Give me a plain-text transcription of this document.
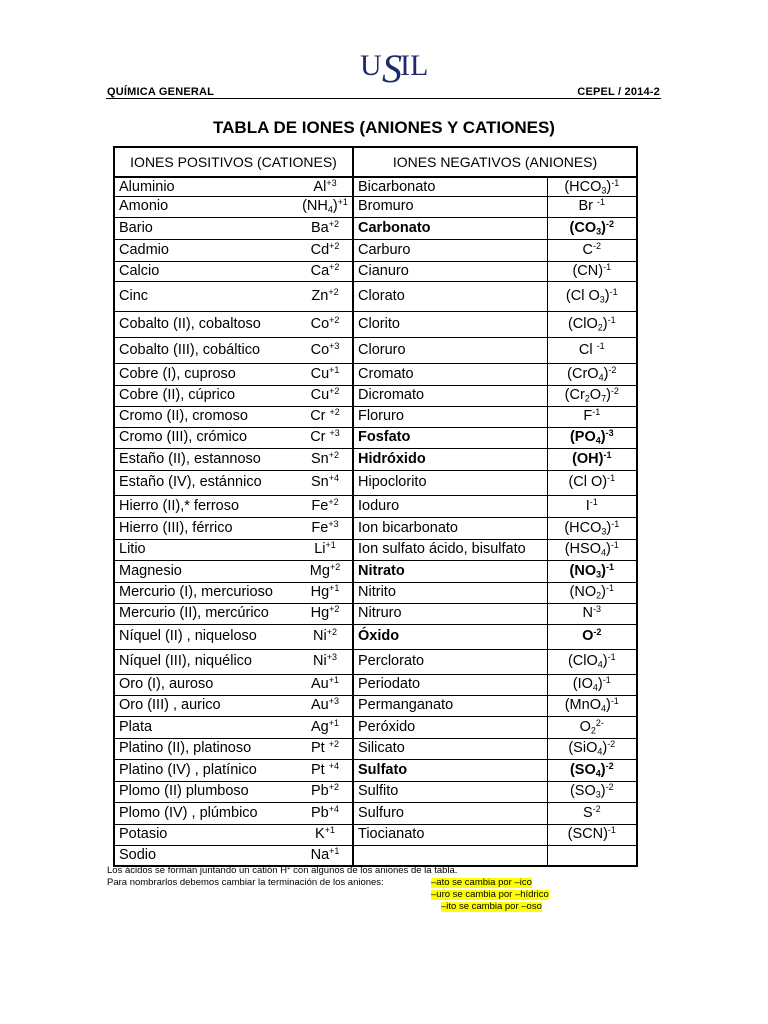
U S
I L
QUÍMICA GENERAL	CEPEL / 2014-2
TABLA DE IONES (ANIONES Y CATIONES)
IONES POSITIVOS (CATIONES)		IONES NEGATIVOS (ANIONES)	
Aluminio	$Al^{+3}$	Bicarbonato	$(HCO_3)^{-1}$
Amonio	$(NH_4)^{+1}$	Bromuro	Br $^{-1}$
Bario	$Ba^{+2}$	Carbonato	$(CO_3)^{-2}$
Cadmio	$Cd^{+2}$	Carburo	$C^{-2}$
Calcio	$Ca^{+2}$	Cianuro	(CN)$^{-1}$
Cinc	$Zn^{+2}$	Clorato	(Cl $O_3)^{-1}$
Cobalto (II), cobaltoso	$Co^{+2}$	Clorito	$(ClO_2)^{-1}$
Cobalto (III), cobáltico	$Co^{+3}$	Cloruro	Cl $^{-1}$
Cobre (I), cuproso	$Cu^{+1}$	Cromato	$(CrO_4)^{-2}$
Cobre (II), cúprico	$Cu^{+2}$	Dicromato	$(Cr_2O_7)^{-2}$
Cromo (II), cromoso	Cr $^{+2}$	Floruro	$F^{-1}$
Cromo (III), crómico	Cr $^{+3}$	Fosfato	$(PO_4)^{-3}$
Estaño (II), estannoso	$Sn^{+2}$	Hidróxido	(OH)$^{-1}$
Estaño (IV), estánnico	$Sn^{+4}$	Hipoclorito	(Cl O)$^{-1}$
Hierro (II),* ferroso	$Fe^{+2}$	Ioduro	$I^{-1}$
Hierro (III), férrico	$Fe^{+3}$	Ion bicarbonato	$(HCO_3)^{-1}$
Litio	$Li^{+1}$	Ion sulfato ácido, bisulfato	$(HSO_4)^{-1}$
Magnesio	$Mg^{+2}$	Nitrato	$(NO_3)^{-1}$
Mercurio (I), mercurioso	$Hg^{+1}$	Nitrito	$(NO_2)^{-1}$
Mercurio (II), mercúrico	$Hg^{+2}$	Nitruro	$N^{-3}$
Níquel (II) , niqueloso	$Ni^{+2}$	Óxido	$O^{-2}$
Níquel (III), niquélico	$Ni^{+3}$	Perclorato	$(ClO_4)^{-1}$
Oro (I), auroso	$Au^{+1}$	Periodato	$(IO_4)^{-1}$
Oro (III) , aurico	$Au^{+3}$	Permanganato	$(MnO_4)^{-1}$
Plata	$Ag^{+1}$	Peróxido	$O_2^{2-}$
Platino (II), platinoso	Pt $^{+2}$	Silicato	$(SiO_4)^{-2}$
Platino (IV) , platínico	Pt $^{+4}$	Sulfato	$(SO_4)^{-2}$
Plomo (II) plumboso	$Pb^{+2}$	Sulfito	$(SO_3)^{-2}$
Plomo (IV) , plúmbico	$Pb^{+4}$	Sulfuro	$S^{-2}$
Potasio	$K^{+1}$	Tiocianato	(SCN)$^{-1}$
Sodio	$Na^{+1}$		
Los ácidos se forman juntando un catión H+ con algunos de los aniones de la tabla.
Para nombrarlos debemos cambiar la terminación de los aniones:	–ato se cambia por –ico
–uro se cambia por –hídrico
–ito se cambia por –oso
